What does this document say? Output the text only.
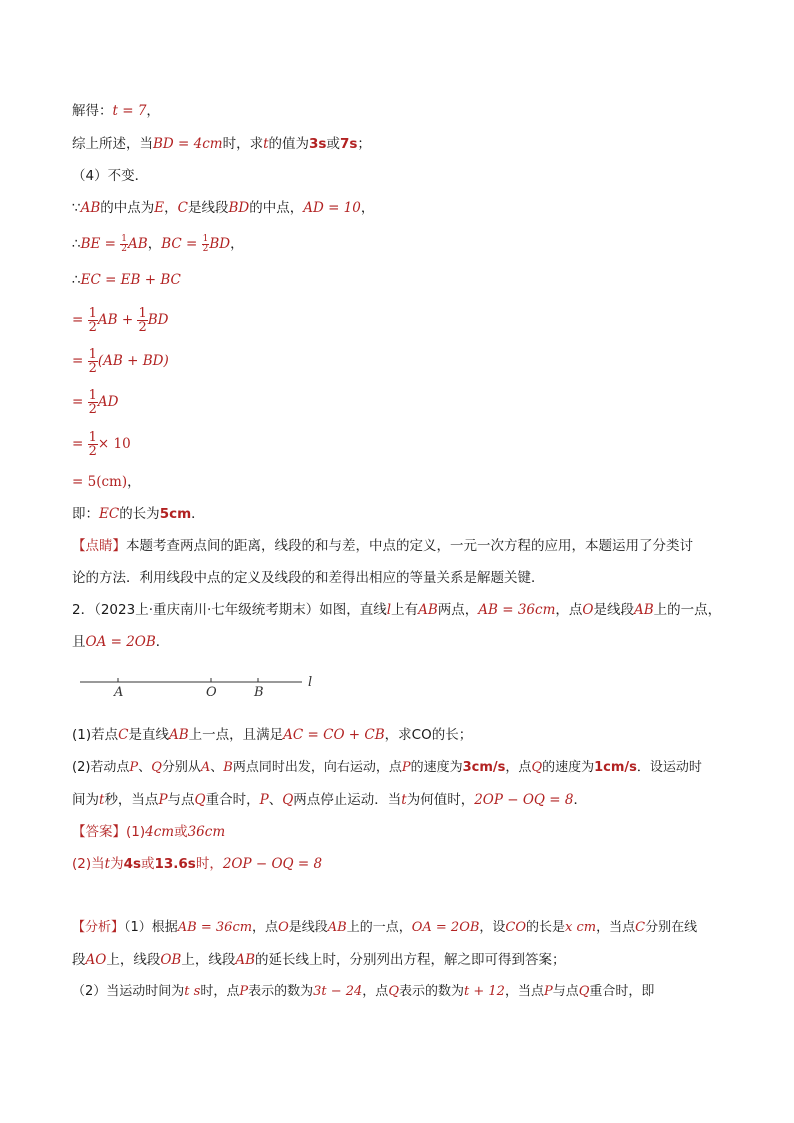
解得：t = 7，
综上所述，当BD = 4cm时，求t的值为3s或7s；
（4）不变．
∵AB的中点为E，C是线段BD的中点，AD = 10，
∴BE = $\frac{1}{2}$ AB，BC = $\frac{1}{2}$ BD，
∴EC = EB + BC
= $\frac{1}{2}$ AB + $\frac{1}{2}$ BD
= $\frac{1}{2} (AB + BD)$
= $\frac{1}{2}$ AD
= $\frac{1}{2} \times 10$
= 5(cm)，
即：EC的长为5cm．
【点睛】本题考查两点间的距离，线段的和与差，中点的定义，一元一次方程的应用，本题运用了分类讨
论的方法．利用线段中点的定义及线段的和差得出相应的等量关系是解题关键．
2．（2023上·重庆南川·七年级统考期末）如图，直线l上有AB两点，AB = 36cm，点O是线段AB上的一点，
且OA = 2OB．
A	O	B
l
(1)若点C是直线AB上一点，且满足AC = CO + CB，求CO的长；
(2)若动点P、Q分别从A、B两点同时出发，向右运动，点P的速度为3cm/s，点Q的速度为1cm/s．设运动时
间为t秒，当点P与点Q重合时，P、Q两点停止运动．当t为何值时，2OP − OQ = 8．
【答案】(1)4cm或36cm
(2)当t为4s或13.6s时，2OP − OQ = 8
【分析】（1）根据AB = 36cm，点O是线段AB上的一点，OA = 2OB，设CO的长是x cm，当点C分别在线
段AO上，线段OB上，线段AB的延长线上时，分别列出方程，解之即可得到答案；
（2）当运动时间为t s时，点P表示的数为3t − 24，点Q表示的数为t + 12，当点P与点Q重合时，即
